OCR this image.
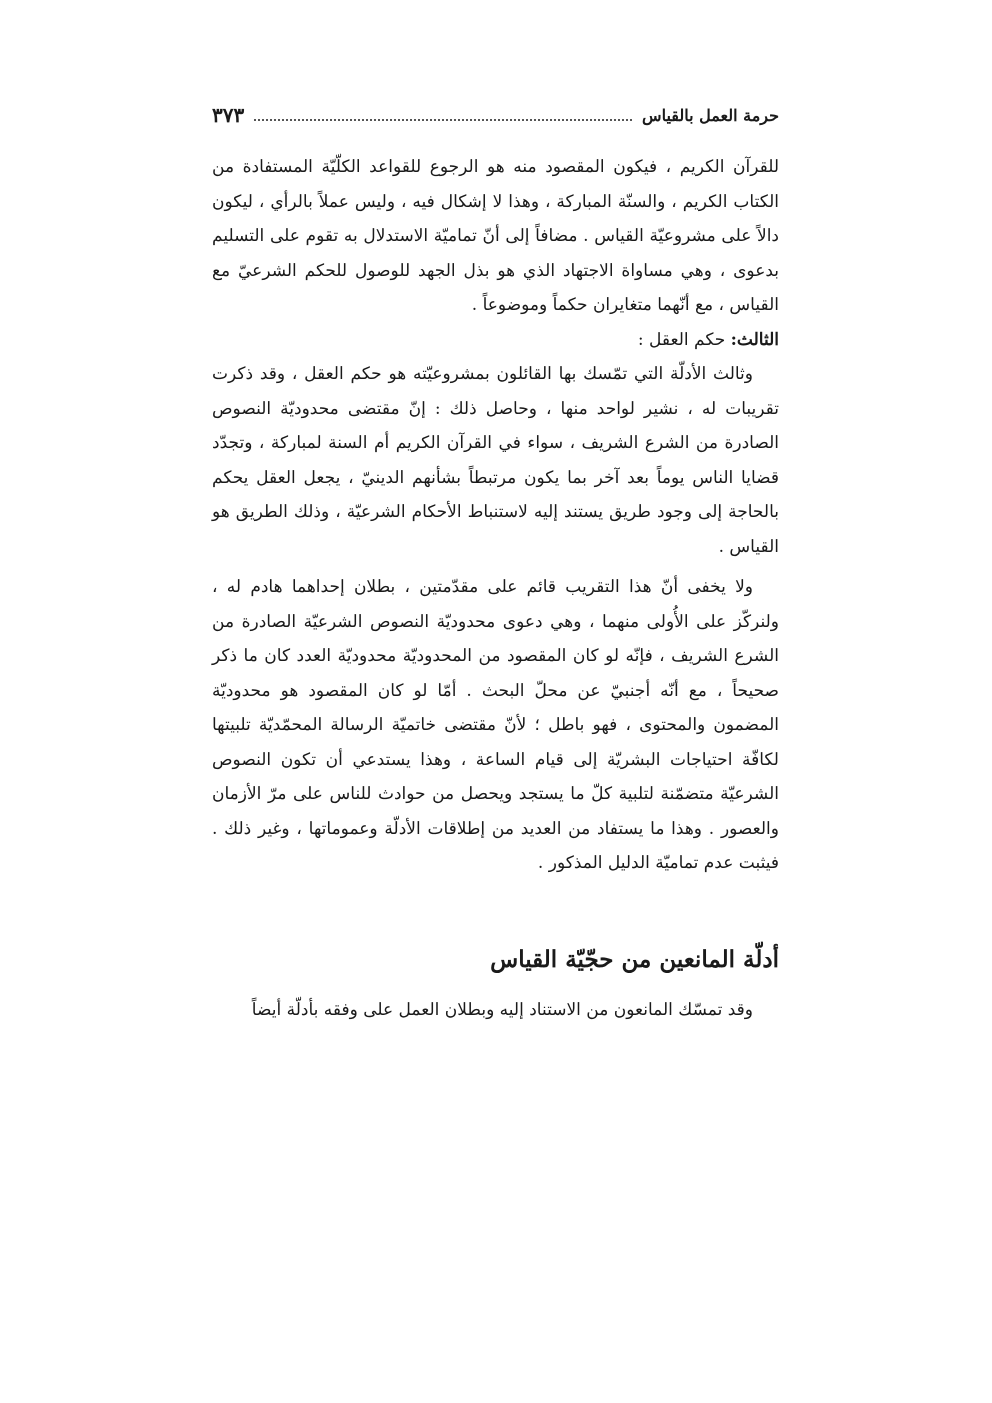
حرمة العمل بالقياس
٣٧٣

للقرآن الكريم ، فيكون المقصود منه هو الرجوع للقواعد الكلّيّة المستفادة من الكتاب الكريم ، والسنّة المباركة ، وهذا لا إشكال فيه ، وليس عملاً بالرأي ، ليكون دالاً على مشروعيّة القياس . مضافاً إلى أنّ تماميّة الاستدلال به تقوم على التسليم بدعوى ، وهي مساواة الاجتهاد الذي هو بذل الجهد للوصول للحكم الشرعيّ مع القياس ، مع أنّهما متغايران حكماً وموضوعاً .

الثالث: حكم العقل :

وثالث الأدلّة التي تمّسك بها القائلون بمشروعيّته هو حكم العقل ، وقد ذكرت تقريبات له ، نشير لواحد منها ، وحاصل ذلك : إنّ مقتضى محدوديّة النصوص الصادرة من الشرع الشريف ، سواء في القرآن الكريم أم السنة لمباركة ، وتجدّد قضايا الناس يوماً بعد آخر بما يكون مرتبطاً بشأنهم الدينيّ ، يجعل العقل يحكم بالحاجة إلى وجود طريق يستند إليه لاستنباط الأحكام الشرعيّة ، وذلك الطريق هو القياس .

ولا يخفى أنّ هذا التقريب قائم على مقدّمتين ، بطلان إحداهما هادم له ، ولنركّز على الأُولى منهما ، وهي دعوى محدوديّة النصوص الشرعيّة الصادرة من الشرع الشريف ، فإنّه لو كان المقصود من المحدوديّة محدوديّة العدد كان ما ذكر صحيحاً ، مع أنّه أجنبيّ عن محلّ البحث . أمّا لو كان المقصود هو محدوديّة المضمون والمحتوى ، فهو باطل ؛ لأنّ مقتضى خاتميّة الرسالة المحمّديّة تلبيتها لكافّة احتياجات البشريّة إلى قيام الساعة ، وهذا يستدعي أن تكون النصوص الشرعيّة متضمّنة لتلبية كلّ ما يستجد ويحصل من حوادث للناس على مرّ الأزمان والعصور . وهذا ما يستفاد من العديد من إطلاقات الأدلّة وعموماتها ، وغير ذلك . فيثبت عدم تماميّة الدليل المذكور .

أدلّة المانعين من حجّيّة القياس

وقد تمسّك المانعون من الاستناد إليه وبطلان العمل على وفقه بأدلّة أيضاً
